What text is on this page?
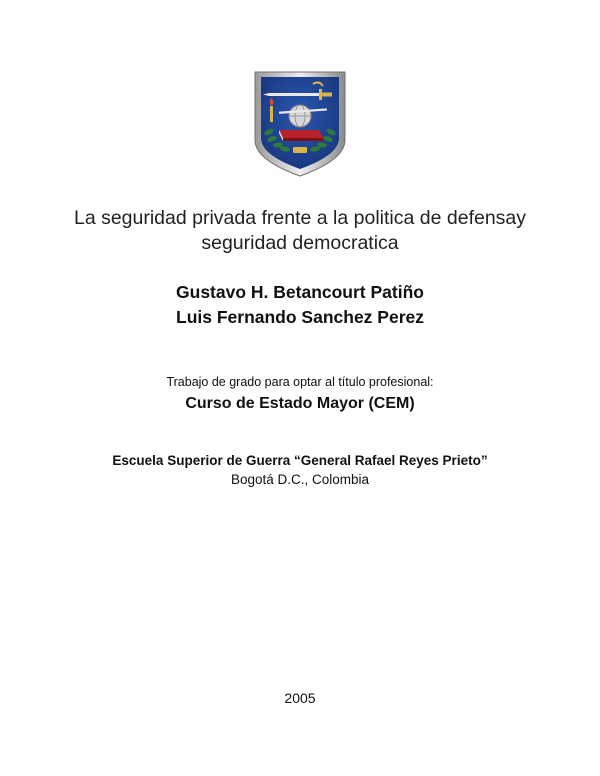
La seguridad privada frente a la politica de defensay
seguridad democratica
Gustavo H. Betancourt Patiño
Luis Fernando Sanchez Perez
Trabajo de grado para optar al título profesional:
Curso de Estado Mayor (CEM)
Escuela Superior de Guerra “General Rafael Reyes Prieto”
Bogotá D.C., Colombia
2005
